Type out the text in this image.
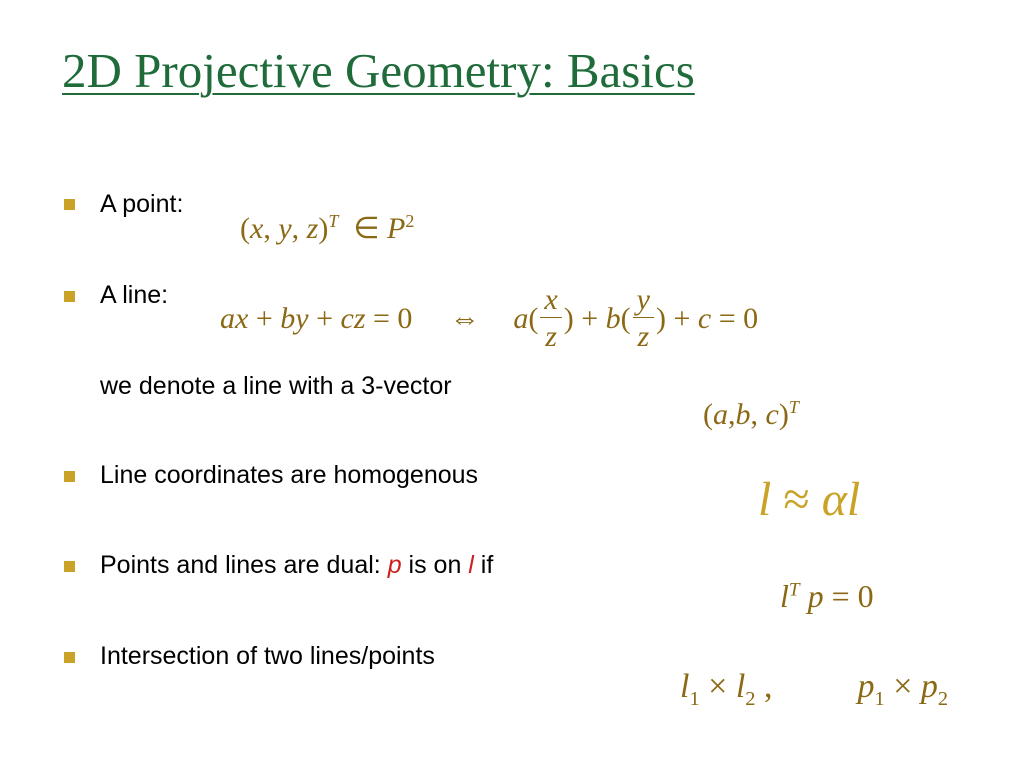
2D Projective Geometry: Basics
A point:
(x, y, z)$^T$  ∈ $P^2$
A line:
ax + by + cz = 0 ⇔ $a( \frac{x}{z}$ ) + $b( \frac{y}{z}$ ) + c = 0
we denote a line with a 3-vector
(a,b, c)$^T$
Line coordinates are homogenous	l ≈ αl
Points and lines are dual: p is on l if
$l^T$ p = 0
Intersection of two lines/points
$l_1 \times l_2$ ,  $p_1 \times p_2$
